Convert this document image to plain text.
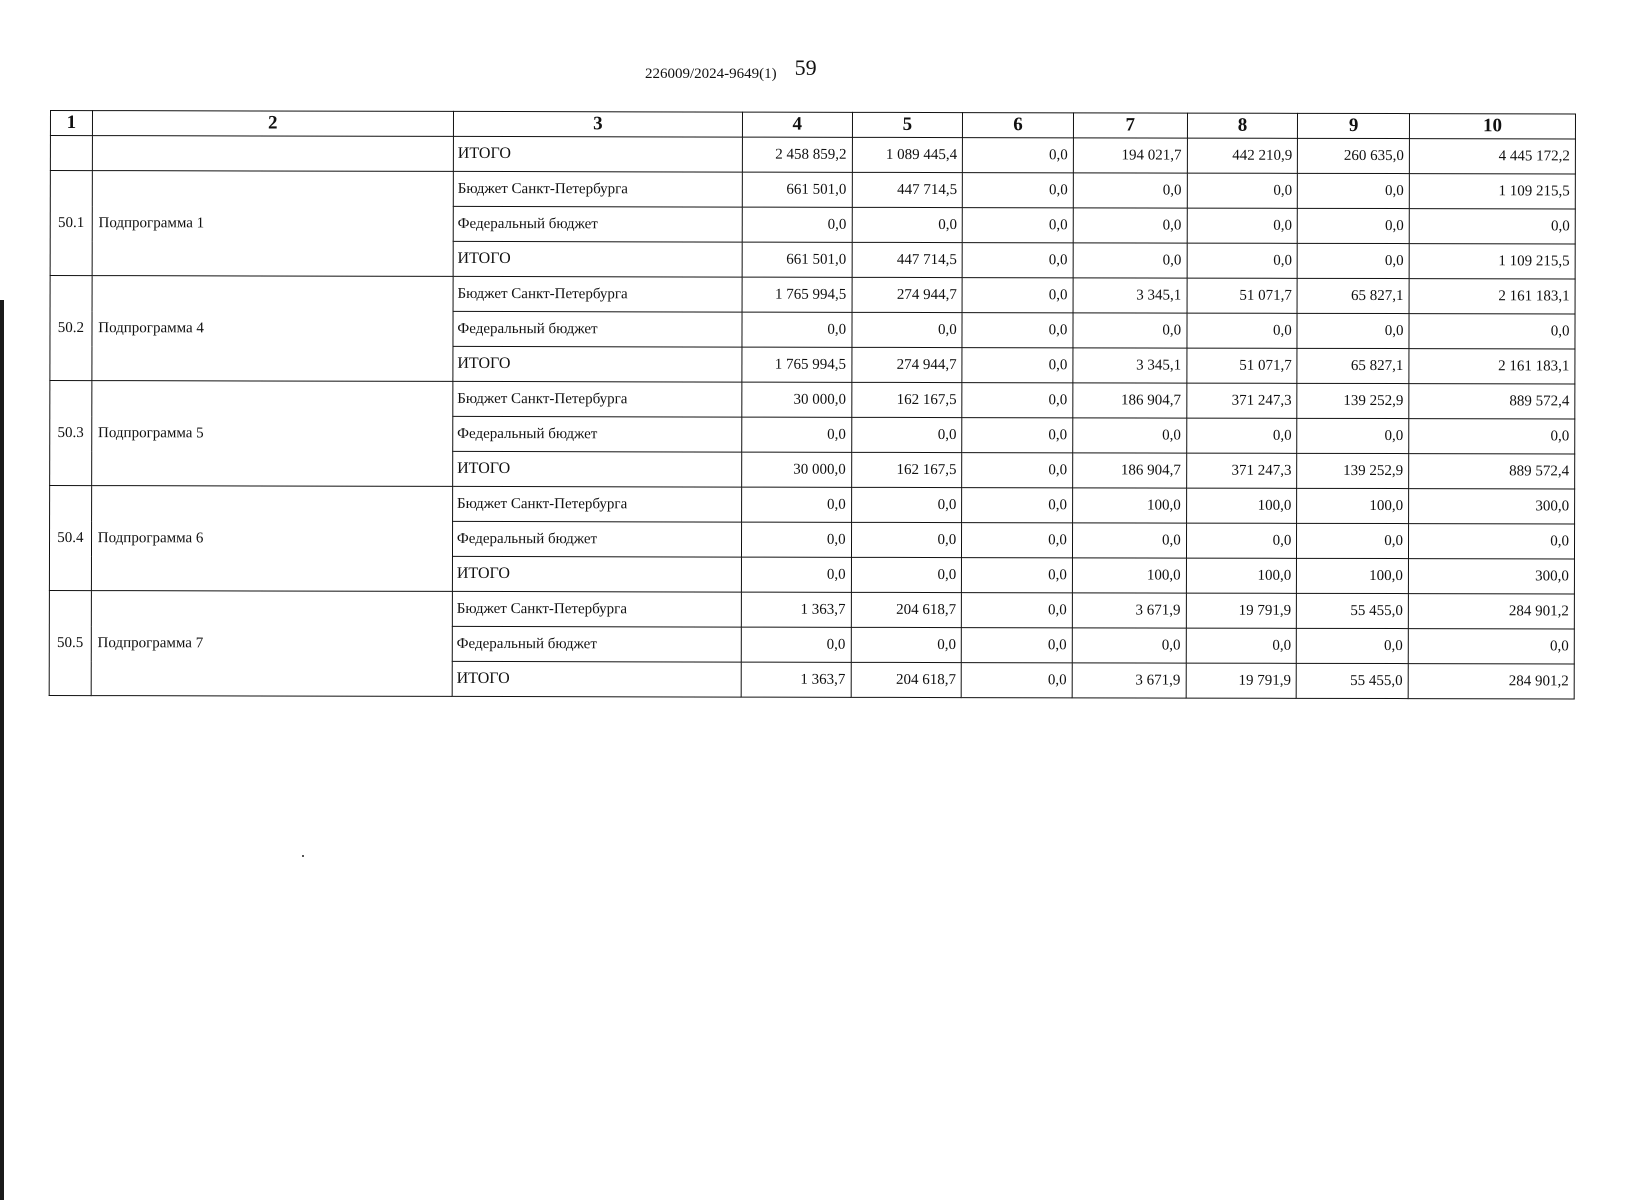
226009/2024-9649(1) 59
1	2	3	4	5	6	7	8	9	10
		ИТОГО	2 458 859,2	1 089 445,4	0,0	194 021,7	442 210,9	260 635,0	4 445 172,2
50.1	Подпрограмма 1	Бюджет Санкт-Петербурга	661 501,0	447 714,5	0,0	0,0	0,0	0,0	1 109 215,5
		Федеральный бюджет	0,0	0,0	0,0	0,0	0,0	0,0	0,0
		ИТОГО	661 501,0	447 714,5	0,0	0,0	0,0	0,0	1 109 215,5
50.2	Подпрограмма 4	Бюджет Санкт-Петербурга	1 765 994,5	274 944,7	0,0	3 345,1	51 071,7	65 827,1	2 161 183,1
		Федеральный бюджет	0,0	0,0	0,0	0,0	0,0	0,0	0,0
		ИТОГО	1 765 994,5	274 944,7	0,0	3 345,1	51 071,7	65 827,1	2 161 183,1
50.3	Подпрограмма 5	Бюджет Санкт-Петербурга	30 000,0	162 167,5	0,0	186 904,7	371 247,3	139 252,9	889 572,4
		Федеральный бюджет	0,0	0,0	0,0	0,0	0,0	0,0	0,0
		ИТОГО	30 000,0	162 167,5	0,0	186 904,7	371 247,3	139 252,9	889 572,4
50.4	Подпрограмма 6	Бюджет Санкт-Петербурга	0,0	0,0	0,0	100,0	100,0	100,0	300,0
		Федеральный бюджет	0,0	0,0	0,0	0,0	0,0	0,0	0,0
		ИТОГО	0,0	0,0	0,0	100,0	100,0	100,0	300,0
50.5	Подпрограмма 7	Бюджет Санкт-Петербурга	1 363,7	204 618,7	0,0	3 671,9	19 791,9	55 455,0	284 901,2
		Федеральный бюджет	0,0	0,0	0,0	0,0	0,0	0,0	0,0
		ИТОГО	1 363,7	204 618,7	0,0	3 671,9	19 791,9	55 455,0	284 901,2
